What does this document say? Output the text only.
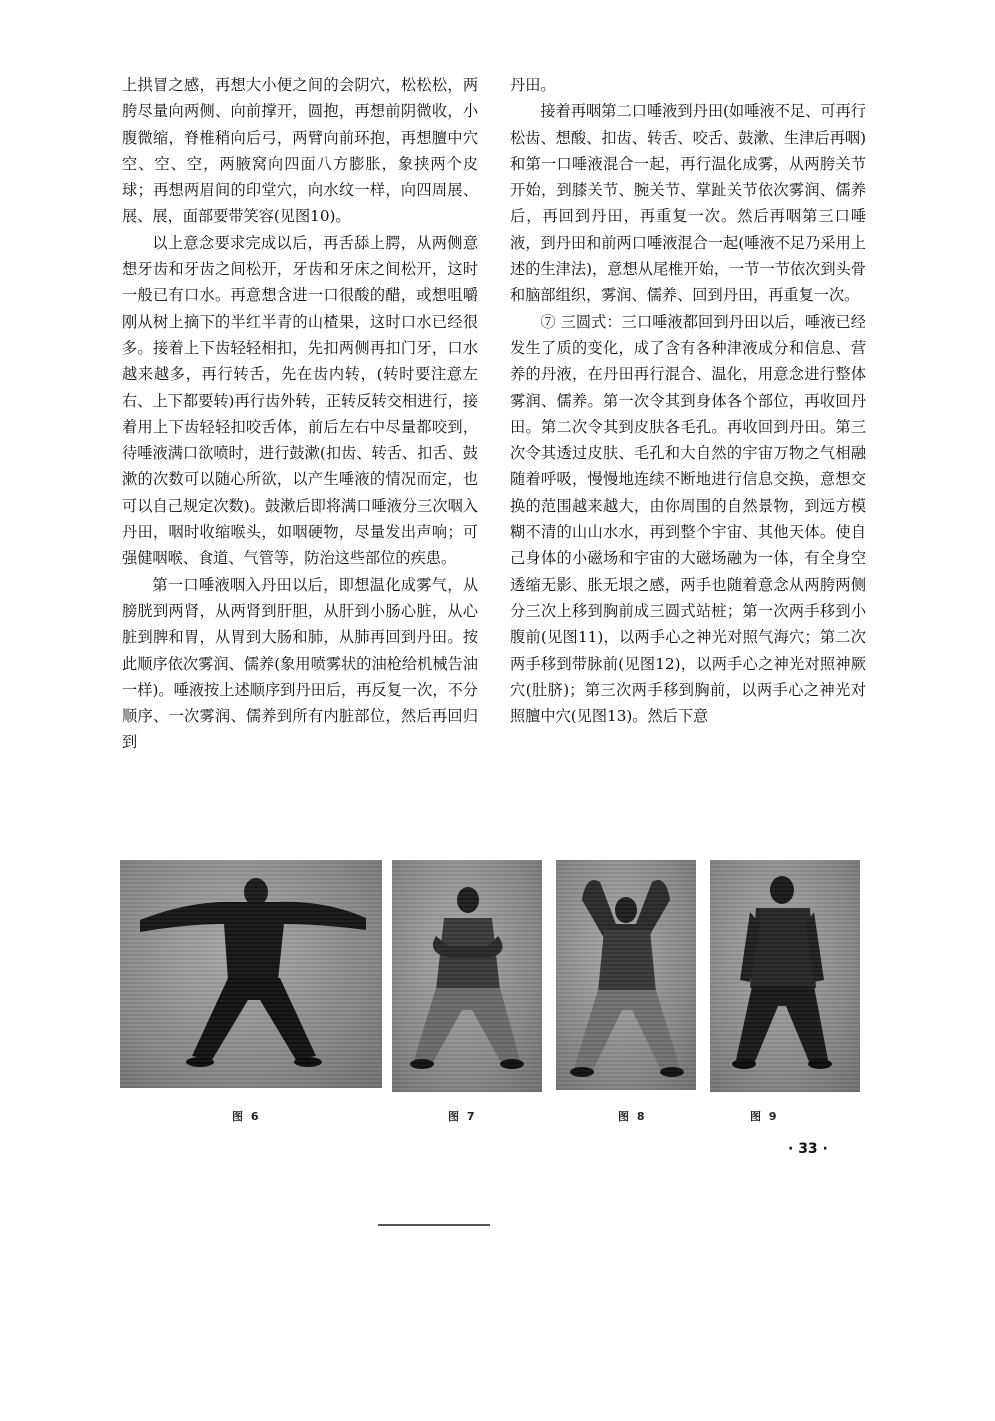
上拱冒之感，再想大小便之间的会阴穴，松松松，两胯尽量向两侧、向前撑开，圆抱，再想前阴微收，小腹微缩，脊椎稍向后弓，两臂向前环抱，再想膻中穴空、空、空，两腋窝向四面八方膨胀，象挟两个皮球；再想两眉间的印堂穴，向水纹一样，向四周展、展、展，面部要带笑容(见图10)。

以上意念要求完成以后，再舌舔上腭，从两侧意想牙齿和牙齿之间松开，牙齿和牙床之间松开，这时一般已有口水。再意想含进一口很酸的醋，或想咀嚼刚从树上摘下的半红半青的山楂果，这时口水已经很多。接着上下齿轻轻相扣，先扣两侧再扣门牙，口水越来越多，再行转舌，先在齿内转，(转时要注意左右、上下都要转)再行齿外转，正转反转交相进行，接着用上下齿轻轻扣咬舌体，前后左右中尽量都咬到，待唾液满口欲喷时，进行鼓漱(扣齿、转舌、扣舌、鼓漱的次数可以随心所欲，以产生唾液的情况而定，也可以自己规定次数)。鼓漱后即将满口唾液分三次咽入丹田，咽时收缩喉头，如咽硬物，尽量发出声响；可强健咽喉、食道、气管等，防治这些部位的疾患。

第一口唾液咽入丹田以后，即想温化成雾气，从膀胱到两肾，从两肾到肝胆，从肝到小肠心脏，从心脏到脾和胃，从胃到大肠和肺，从肺再回到丹田。按此顺序依次雾润、儒养(象用喷雾状的油枪给机械告油一样)。唾液按上述顺序到丹田后，再反复一次，不分顺序、一次雾润、儒养到所有内脏部位，然后再回归到

丹田。

接着再咽第二口唾液到丹田(如唾液不足、可再行松齿、想酸、扣齿、转舌、咬舌、鼓漱、生津后再咽)和第一口唾液混合一起，再行温化成雾，从两胯关节开始，到膝关节、腕关节、掌趾关节依次雾润、儒养后，再回到丹田，再重复一次。然后再咽第三口唾液，到丹田和前两口唾液混合一起(唾液不足乃采用上述的生津法)，意想从尾椎开始，一节一节依次到头骨和脑部组织，雾润、儒养、回到丹田，再重复一次。

⑦ 三圆式：三口唾液都回到丹田以后，唾液已经发生了质的变化，成了含有各种津液成分和信息、营养的丹液，在丹田再行混合、温化，用意念进行整体雾润、儒养。第一次令其到身体各个部位，再收回丹田。第二次令其到皮肤各毛孔。再收回到丹田。第三次令其透过皮肤、毛孔和大自然的宇宙万物之气相融随着呼吸，慢慢地连续不断地进行信息交换，意想交换的范围越来越大，由你周围的自然景物，到远方模糊不清的山山水水，再到整个宇宙、其他天体。使自己身体的小磁场和宇宙的大磁场融为一体，有全身空透缩无影、胀无垠之感，两手也随着意念从两胯两侧分三次上移到胸前成三圆式站桩；第一次两手移到小腹前(见图11)，以两手心之神光对照气海穴；第二次两手移到带脉前(见图12)，以两手心之神光对照神厥穴(肚脐)；第三次两手移到胸前，以两手心之神光对照膻中穴(见图13)。然后下意

图 6	图 7	图 8	图 9
· 33 ·
